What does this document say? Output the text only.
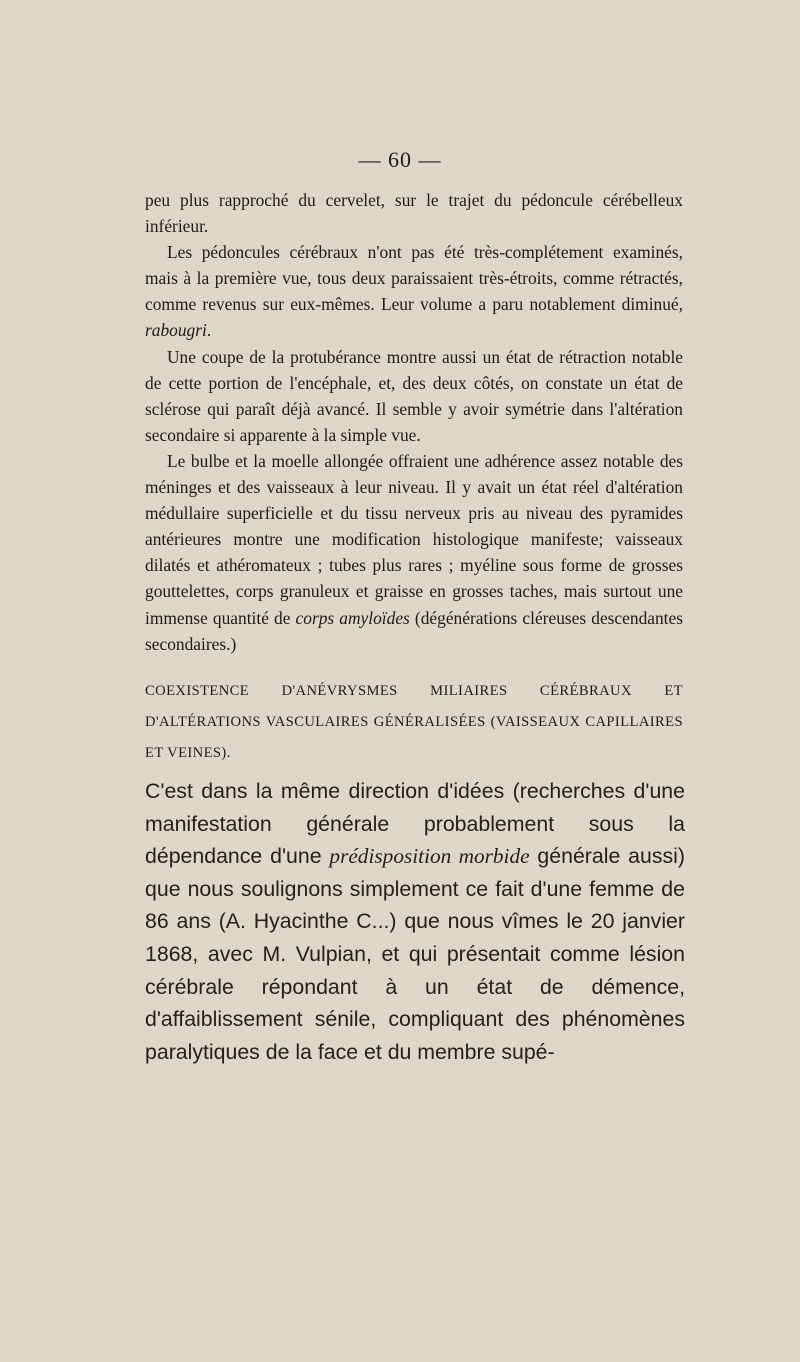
— 60 —

peu plus rapproché du cervelet, sur le trajet du pédoncule cérébelleux inférieur.

Les pédoncules cérébraux n'ont pas été très-complétement examinés, mais à la première vue, tous deux paraissaient très-étroits, comme rétractés, comme revenus sur eux-mêmes. Leur volume a paru notablement diminué, rabougri.

Une coupe de la protubérance montre aussi un état de rétraction notable de cette portion de l'encéphale, et, des deux côtés, on constate un état de sclérose qui paraît déjà avancé. Il semble y avoir symétrie dans l'altération secondaire si apparente à la simple vue.

Le bulbe et la moelle allongée offraient une adhérence assez notable des méninges et des vaisseaux à leur niveau. Il y avait un état réel d'altération médullaire superficielle et du tissu nerveux pris au niveau des pyramides antérieures montre une modification histologique manifeste; vaisseaux dilatés et athéromateux ; tubes plus rares ; myéline sous forme de grosses gouttelettes, corps granuleux et graisse en grosses taches, mais surtout une immense quantité de corps amyloïdes (dégénérations cléreuses descendantes secondaires.)

COEXISTENCE D'ANÉVRYSMES MILIAIRES CÉRÉBRAUX ET D'ALTÉRATIONS VASCULAIRES GÉNÉRALISÉES (VAISSEAUX CAPILLAIRES ET VEINES).

C'est dans la même direction d'idées (recherches d'une manifestation générale probablement sous la dépendance d'une prédisposition morbide générale aussi) que nous soulignons simplement ce fait d'une femme de 86 ans (A. Hyacinthe C...) que nous vîmes le 20 janvier 1868, avec M. Vulpian, et qui présentait comme lésion cérébrale répondant à un état de démence, d'affaiblissement sénile, compliquant des phénomènes paralytiques de la face et du membre supé-
